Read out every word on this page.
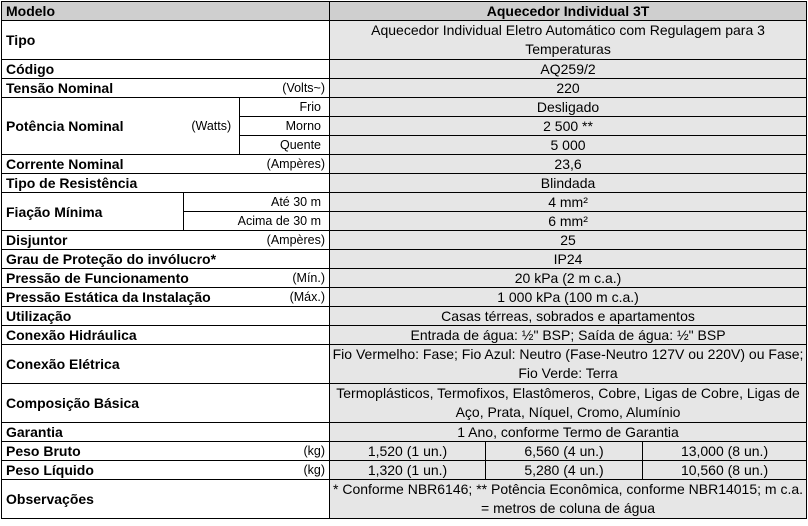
Modelo			Aquecedor Individual 3T		
Tipo			Aquecedor Individual Eletro Automático com Regulagem para 3 Temperaturas		
Código			AQ259/2		
Tensão Nominal		(Volts~)	220		
Potência Nominal	(Watts)	Frio	Desligado		
		Morno	2 500 **		
		Quente	5 000		
Corrente Nominal		(Ampères)	23,6		
Tipo de Resistência			Blindada		
Fiação Mínima	Até 30 m		4 mm²		
	Acima de 30 m		6 mm²		
Disjuntor		(Ampères)	25		
Grau de Proteção do invólucro*			IP24		
Pressão de Funcionamento		(Mín.)	20 kPa (2 m c.a.)		
Pressão Estática da Instalação		(Máx.)	1 000 kPa (100 m c.a.)		
Utilização			Casas térreas, sobrados e apartamentos		
Conexão Hidráulica			Entrada de água: ½" BSP; Saída de água: ½" BSP		
Conexão Elétrica			Fio Vermelho: Fase; Fio Azul: Neutro (Fase-Neutro 127V ou 220V) ou Fase; Fio Verde: Terra		
Composição Básica			Termoplásticos, Termofixos, Elastômeros, Cobre, Ligas de Cobre, Ligas de Aço, Prata, Níquel, Cromo, Alumínio		
Garantia			1 Ano, conforme Termo de Garantia		
Peso Bruto		(kg)	1,520 (1 un.)	6,560 (4 un.)	13,000 (8 un.)
Peso Líquido		(kg)	1,320 (1 un.)	5,280 (4 un.)	10,560 (8 un.)
Observações			* Conforme NBR6146; ** Potência Econômica, conforme NBR14015; m c.a. = metros de coluna de água		
